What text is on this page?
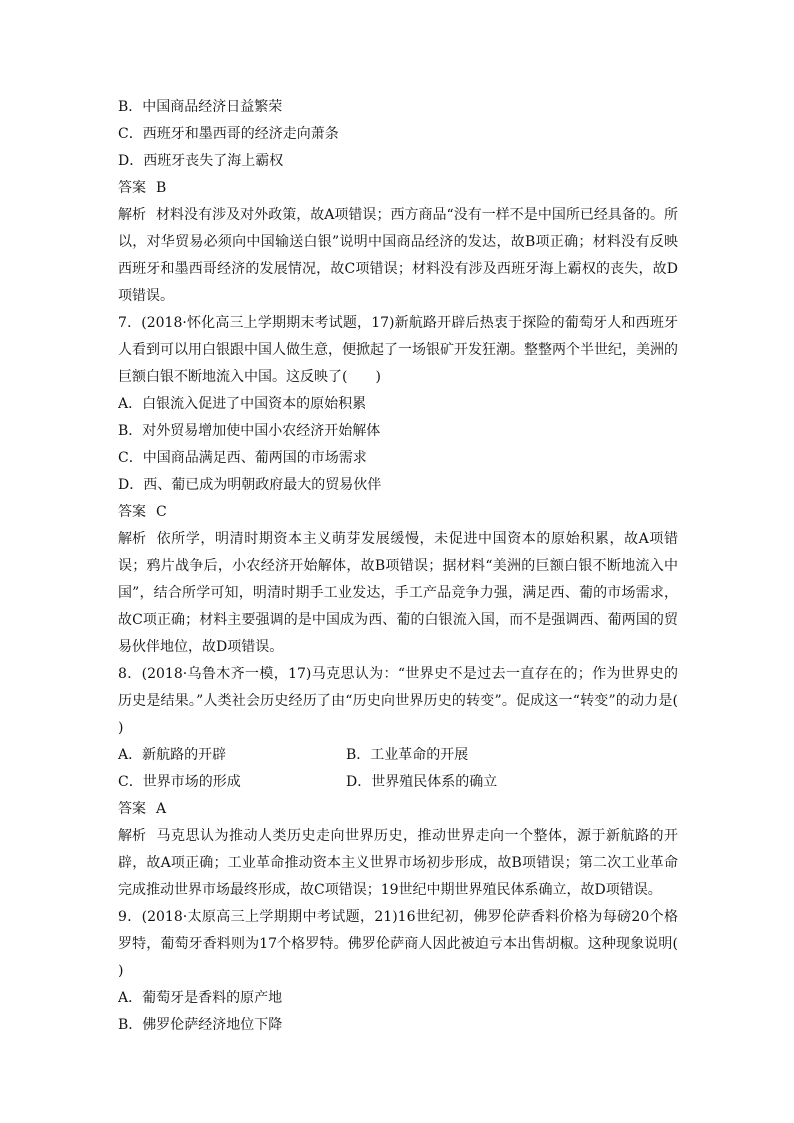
B．中国商品经济日益繁荣
C．西班牙和墨西哥的经济走向萧条
D．西班牙丧失了海上霸权
答案 B
解析 材料没有涉及对外政策，故A项错误；西方商品“没有一样不是中国所已经具备的。所以，对华贸易必须向中国输送白银”说明中国商品经济的发达，故B项正确；材料没有反映西班牙和墨西哥经济的发展情况，故C项错误；材料没有涉及西班牙海上霸权的丧失，故D项错误。
7．(2018·怀化高三上学期期末考试题，17)新航路开辟后热衷于探险的葡萄牙人和西班牙人看到可以用白银跟中国人做生意，便掀起了一场银矿开发狂潮。整整两个半世纪，美洲的巨额白银不断地流入中国。这反映了(　　)
A．白银流入促进了中国资本的原始积累
B．对外贸易增加使中国小农经济开始解体
C．中国商品满足西、葡两国的市场需求
D．西、葡已成为明朝政府最大的贸易伙伴
答案 C
解析 依所学，明清时期资本主义萌芽发展缓慢，未促进中国资本的原始积累，故A项错误；鸦片战争后，小农经济开始解体，故B项错误；据材料“美洲的巨额白银不断地流入中国”，结合所学可知，明清时期手工业发达，手工产品竞争力强，满足西、葡的市场需求，故C项正确；材料主要强调的是中国成为西、葡的白银流入国，而不是强调西、葡两国的贸易伙伴地位，故D项错误。
8．(2018·乌鲁木齐一模，17)马克思认为：“世界史不是过去一直存在的；作为世界史的历史是结果。”人类社会历史经历了由“历史向世界历史的转变”。促成这一“转变”的动力是(　　)
A．新航路的开辟	B．工业革命的开展
C．世界市场的形成	D．世界殖民体系的确立
答案 A
解析 马克思认为推动人类历史走向世界历史，推动世界走向一个整体，源于新航路的开辟，故A项正确；工业革命推动资本主义世界市场初步形成，故B项错误；第二次工业革命完成推动世界市场最终形成，故C项错误；19世纪中期世界殖民体系确立，故D项错误。
9．(2018·太原高三上学期期中考试题，21)16世纪初，佛罗伦萨香料价格为每磅20个格罗特，葡萄牙香料则为17个格罗特。佛罗伦萨商人因此被迫亏本出售胡椒。这种现象说明(　　)
A．葡萄牙是香料的原产地
B．佛罗伦萨经济地位下降
